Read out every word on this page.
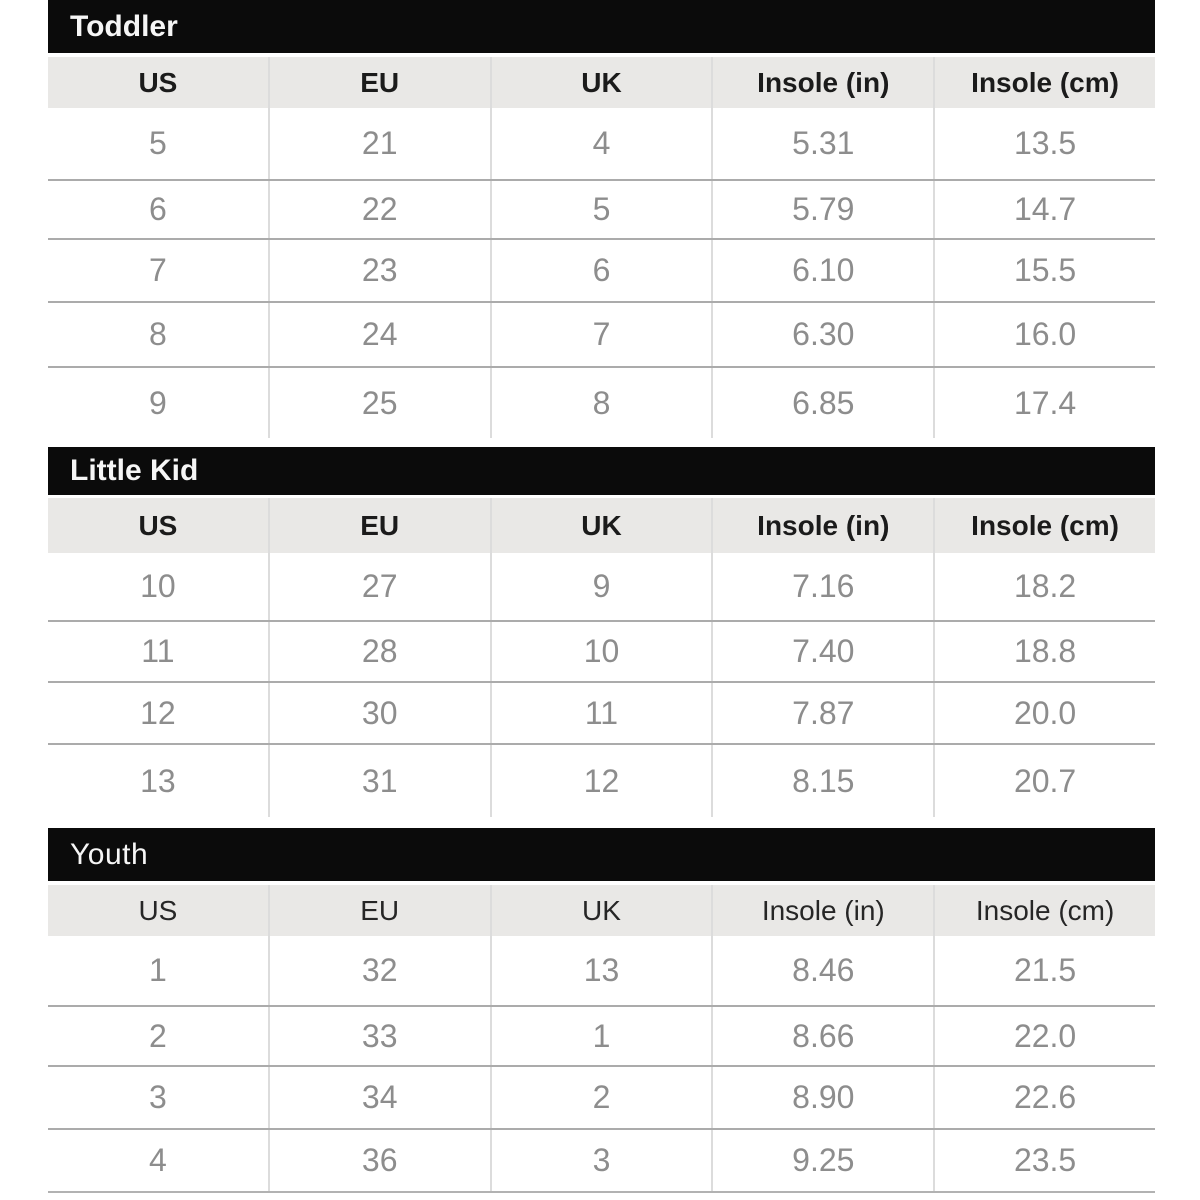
Toddler
US	EU	UK	Insole (in)	Insole (cm)
5	21	4	5.31	13.5
6	22	5	5.79	14.7
7	23	6	6.10	15.5
8	24	7	6.30	16.0
9	25	8	6.85	17.4
Little Kid
US	EU	UK	Insole (in)	Insole (cm)
10	27	9	7.16	18.2
11	28	10	7.40	18.8
12	30	11	7.87	20.0
13	31	12	8.15	20.7
Youth
US	EU	UK	Insole (in)	Insole (cm)
1	32	13	8.46	21.5
2	33	1	8.66	22.0
3	34	2	8.90	22.6
4	36	3	9.25	23.5
